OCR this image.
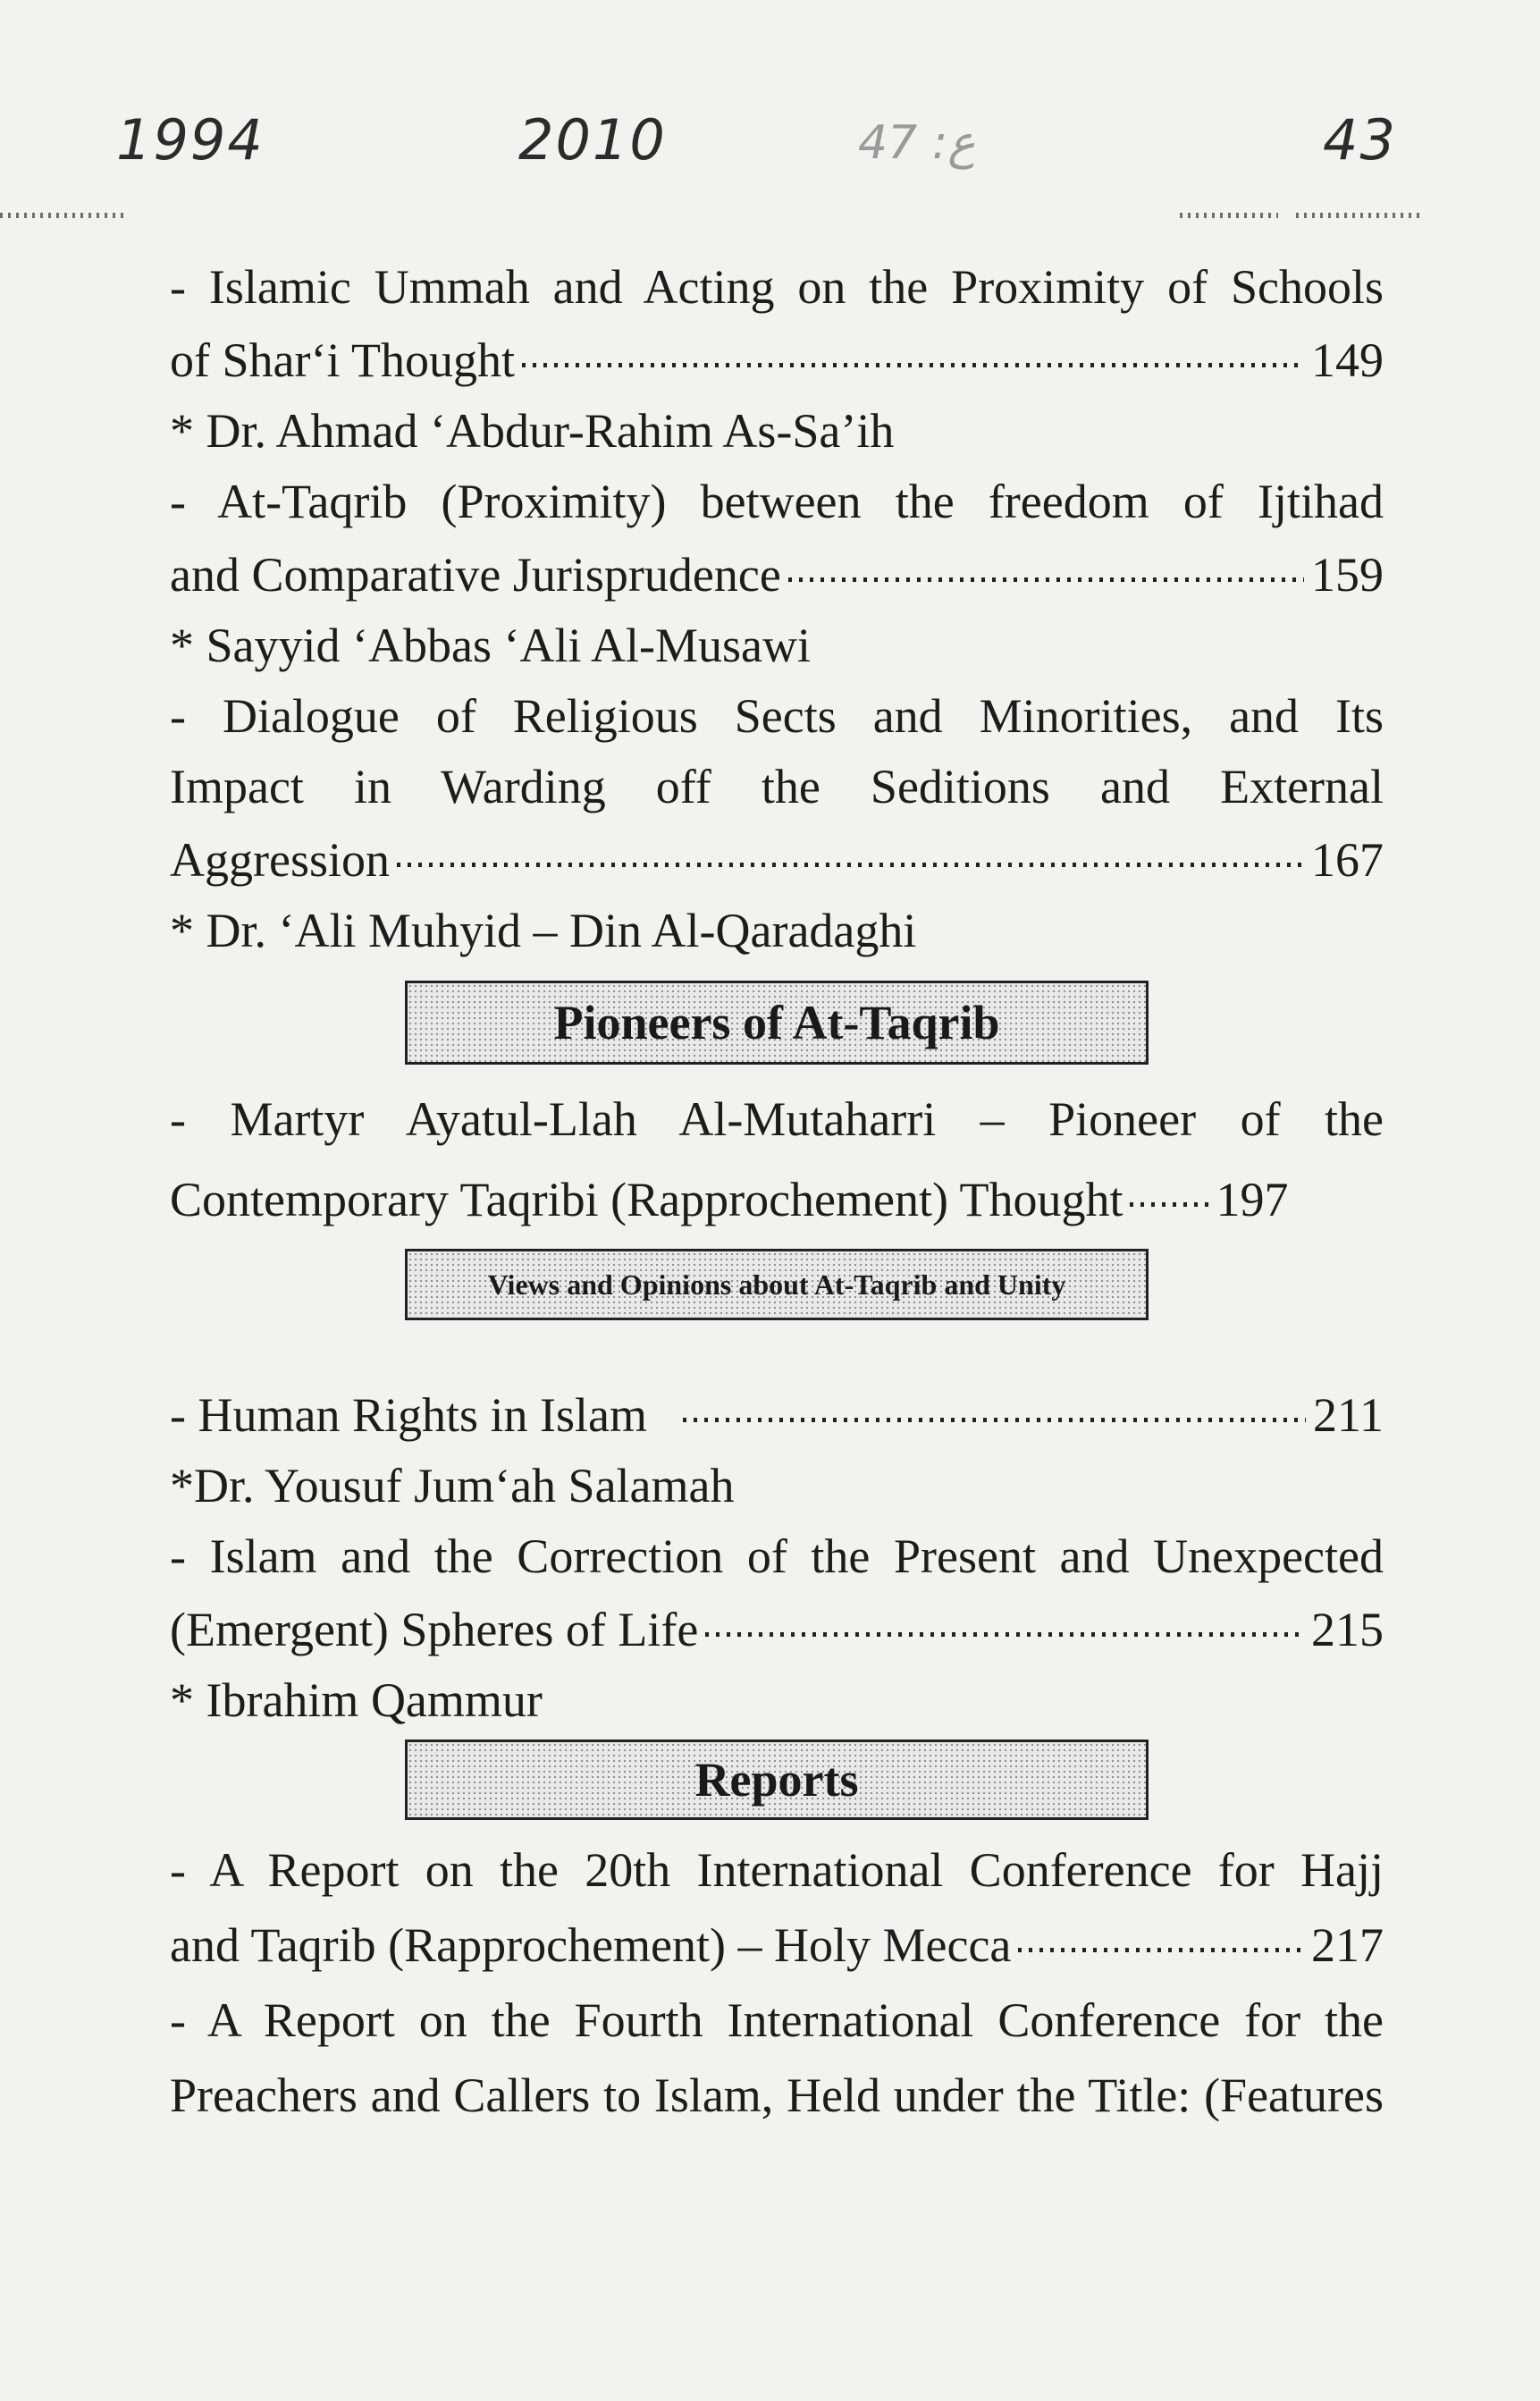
1994	2010	ع: 47	43
- Islamic Ummah and Acting on the Proximity of Schools
of Shar‘i Thought	149
* Dr. Ahmad ‘Abdur-Rahim As-Sa’ih
- At-Taqrib (Proximity) between the freedom of Ijtihad
and Comparative Jurisprudence	159
* Sayyid ‘Abbas ‘Ali Al-Musawi
- Dialogue of Religious Sects and Minorities, and Its
Impact in Warding off the Seditions and External
Aggression	167
* Dr. ‘Ali Muhyid – Din Al-Qaradaghi
Pioneers of At-Taqrib
- Martyr Ayatul-Llah Al-Mutaharri – Pioneer of the
Contemporary Taqribi (Rapprochement) Thought 197
Views and Opinions about At-Taqrib and Unity
- Human Rights in Islam	211
*Dr. Yousuf Jum‘ah Salamah
- Islam and the Correction of the Present and Unexpected
(Emergent) Spheres of Life	215
* Ibrahim Qammur
Reports
- A Report on the 20th International Conference for Hajj
and Taqrib (Rapprochement) – Holy Mecca	217
- A Report on the Fourth International Conference for the
Preachers and Callers to Islam, Held under the Title: (Features
